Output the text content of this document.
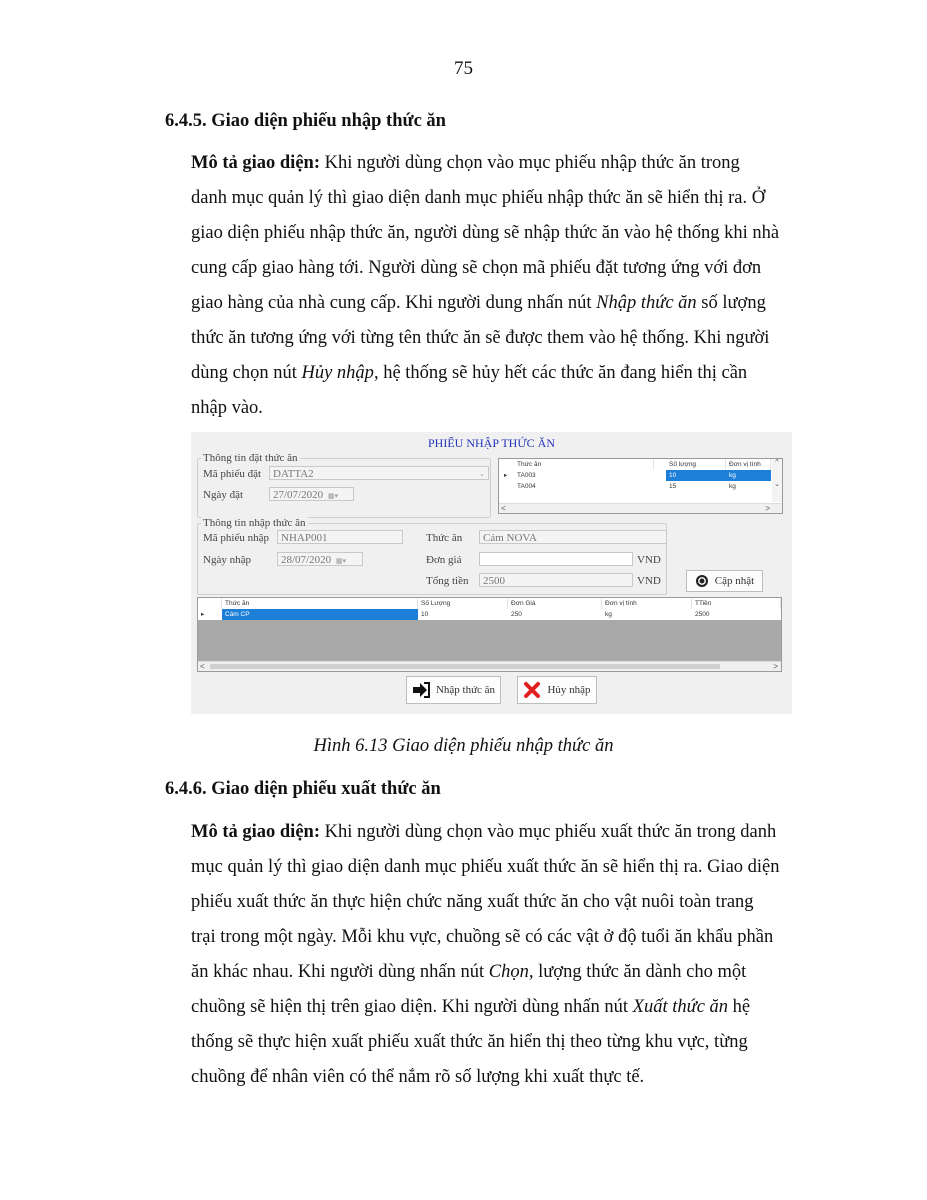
75
6.4.5. Giao diện phiếu nhập thức ăn

Mô tả giao diện: Khi người dùng chọn vào mục phiếu nhập thức ăn trong
danh mục quản lý thì giao diện danh mục phiếu nhập thức ăn sẽ hiển thị ra. Ở
giao diện phiếu nhập thức ăn, người dùng sẽ nhập thức ăn vào hệ thống khi nhà
cung cấp giao hàng tới. Người dùng sẽ chọn mã phiếu đặt tương ứng với đơn
giao hàng của nhà cung cấp. Khi người dung nhấn nút Nhập thức ăn số lượng
thức ăn tương ứng với từng tên thức ăn sẽ được them vào hệ thống. Khi người
dùng chọn nút Hủy nhập, hệ thống sẽ hủy hết các thức ăn đang hiển thị cần
nhập vào.

PHIẾU NHẬP THỨC ĂN
Thông tin đặt thức ăn
Mã phiếu đặt	DATTA2	⌄
Ngày đặt	27/07/2020 ▦▾
Thức ăn	Số lượng	Đơn vị tính
▸	TA003	10	kg
TA004	15	kg
^

⌄
<	>
Thông tin nhập thức ăn
Mã phiếu nhập	NHAP001
Ngày nhập	28/07/2020 ▦▾
Thức ăn	Cám NOVA
Đơn giá	VND
Tổng tiền	2500	VND	Cập nhật
Thức ăn	Số Lượng	Đơn Giá	Đơn vị tính	TTiền
▸	Cám CP	10	250	kg	2500
<	>
Nhập thức ăn	Hủy nhập
Hình 6.13 Giao diện phiếu nhập thức ăn
6.4.6. Giao diện phiếu xuất thức ăn

Mô tả giao diện: Khi người dùng chọn vào mục phiếu xuất thức ăn trong danh
mục quản lý thì giao diện danh mục phiếu xuất thức ăn sẽ hiển thị ra. Giao diện
phiếu xuất thức ăn thực hiện chức năng xuất thức ăn cho vật nuôi toàn trang
trại trong một ngày. Mỗi khu vực, chuồng sẽ có các vật ở độ tuổi ăn khẩu phần
ăn khác nhau. Khi người dùng nhấn nút Chọn, lượng thức ăn dành cho một
chuồng sẽ hiện thị trên giao diện. Khi người dùng nhấn nút Xuất thức ăn hệ
thống sẽ thực hiện xuất phiếu xuất thức ăn hiển thị theo từng khu vực, từng
chuồng để nhân viên có thể nắm rõ số lượng khi xuất thực tế.
